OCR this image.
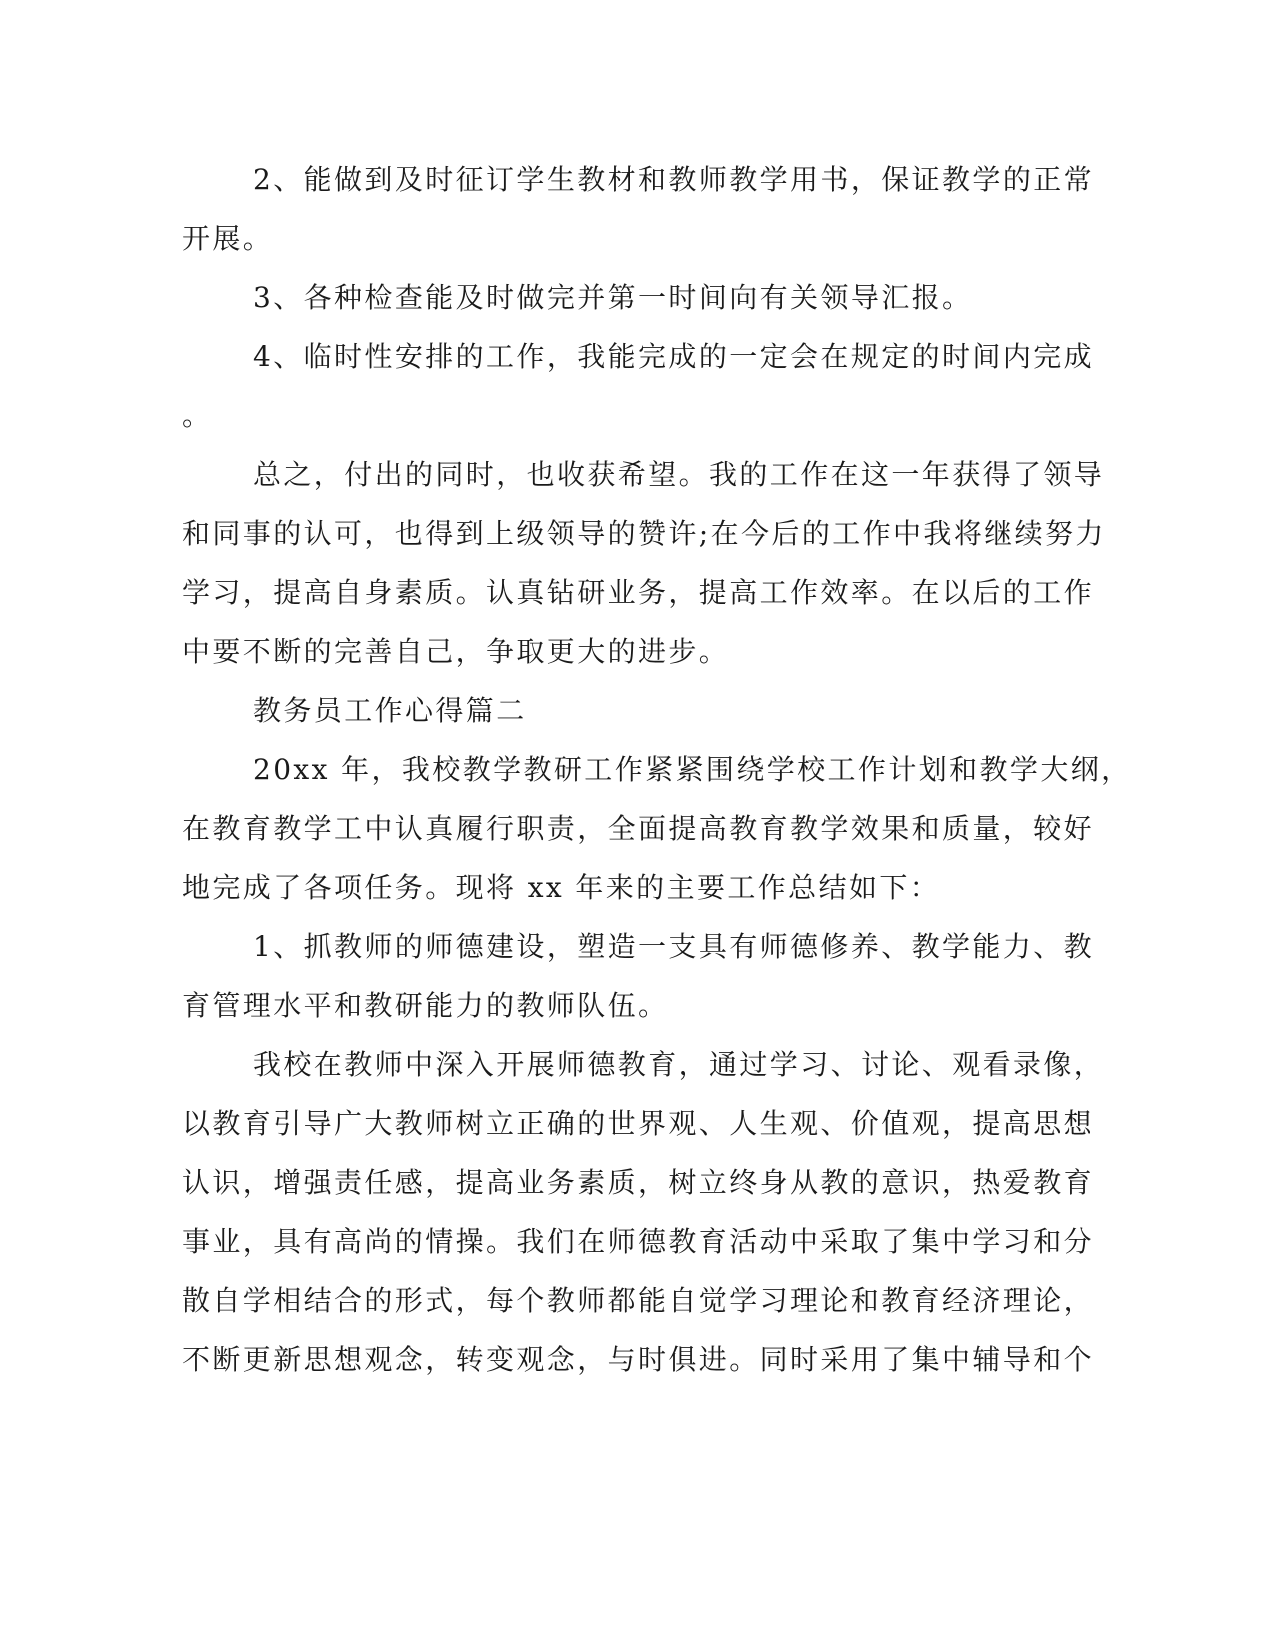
2、能做到及时征订学生教材和教师教学用书，保证教学的正常
开展。
3、各种检查能及时做完并第一时间向有关领导汇报。
4、临时性安排的工作，我能完成的一定会在规定的时间内完成
。
总之，付出的同时，也收获希望。我的工作在这一年获得了领导
和同事的认可，也得到上级领导的赞许;在今后的工作中我将继续努力
学习，提高自身素质。认真钻研业务，提高工作效率。在以后的工作
中要不断的完善自己，争取更大的进步。
教务员工作心得篇二
20xx 年，我校教学教研工作紧紧围绕学校工作计划和教学大纲，
在教育教学工中认真履行职责，全面提高教育教学效果和质量，较好
地完成了各项任务。现将 xx 年来的主要工作总结如下：
1、抓教师的师德建设，塑造一支具有师德修养、教学能力、教
育管理水平和教研能力的教师队伍。
我校在教师中深入开展师德教育，通过学习、讨论、观看录像，
以教育引导广大教师树立正确的世界观、人生观、价值观，提高思想
认识，增强责任感，提高业务素质，树立终身从教的意识，热爱教育
事业，具有高尚的情操。我们在师德教育活动中采取了集中学习和分
散自学相结合的形式，每个教师都能自觉学习理论和教育经济理论，
不断更新思想观念，转变观念，与时俱进。同时采用了集中辅导和个
